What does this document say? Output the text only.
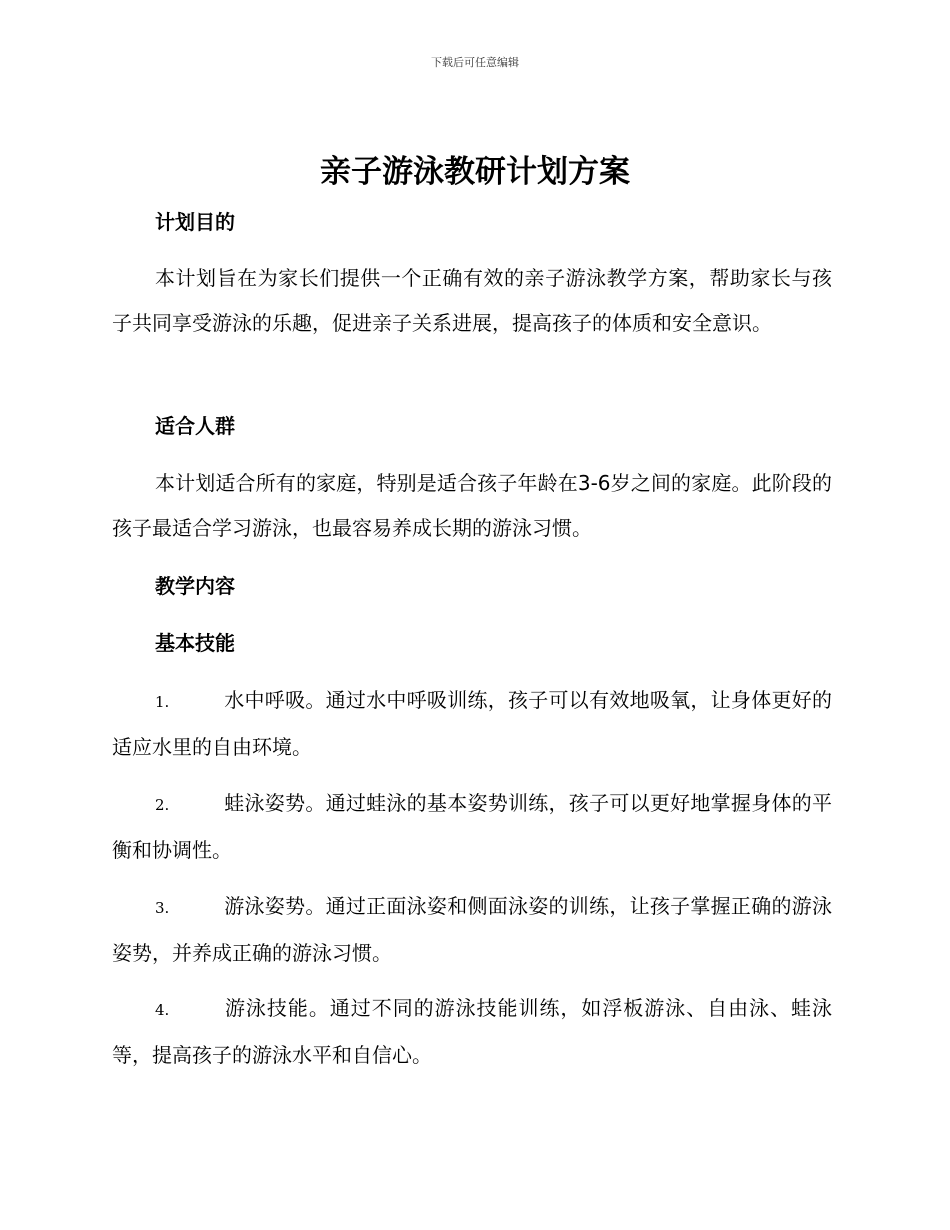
下载后可任意编辑
亲子游泳教研计划方案
计划目的

本计划旨在为家长们提供一个正确有效的亲子游泳教学方案，帮助家长与孩子共同享受游泳的乐趣，促进亲子关系进展，提高孩子的体质和安全意识。

适合人群

本计划适合所有的家庭，特别是适合孩子年龄在3-6岁之间的家庭。此阶段的孩子最适合学习游泳，也最容易养成长期的游泳习惯。

教学内容
基本技能

1.	水中呼吸。通过水中呼吸训练，孩子可以有效地吸氧，让身体更好的适应水里的自由环境。

2.	蛙泳姿势。通过蛙泳的基本姿势训练，孩子可以更好地掌握身体的平衡和协调性。

3.	游泳姿势。通过正面泳姿和侧面泳姿的训练，让孩子掌握正确的游泳姿势，并养成正确的游泳习惯。

4.	游泳技能。通过不同的游泳技能训练，如浮板游泳、自由泳、蛙泳等，提高孩子的游泳水平和自信心。
